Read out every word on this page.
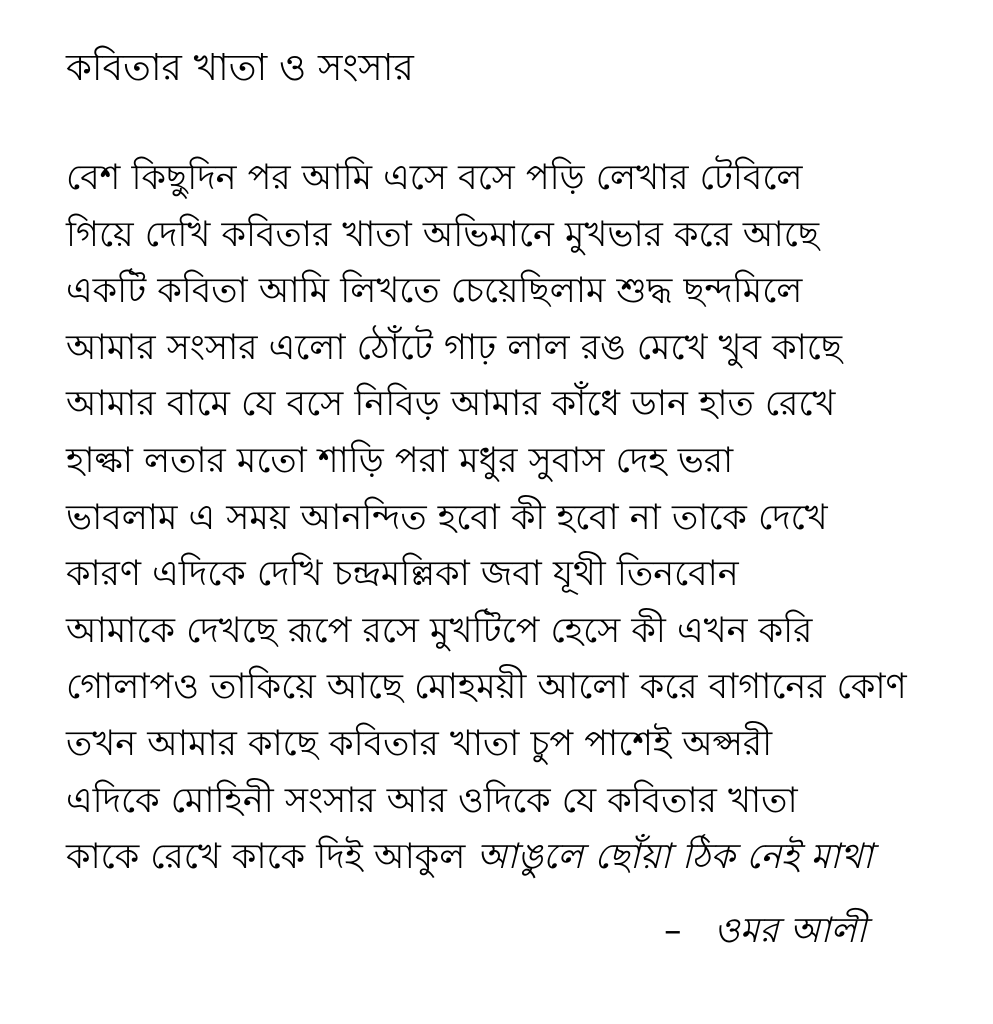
কবিতার খাতা ও সংসার
বেশ কিছুদিন পর আমি এসে বসে পড়ি লেখার টেবিলে
গিয়ে দেখি কবিতার খাতা অভিমানে মুখভার করে আছে
একটি কবিতা আমি লিখতে চেয়েছিলাম শুদ্ধ ছন্দমিলে
আমার সংসার এলো ঠোঁটে গাঢ় লাল রঙ মেখে খুব কাছে
আমার বামে যে বসে নিবিড় আমার কাঁধে ডান হাত রেখে
হাল্কা লতার মতো শাড়ি পরা মধুর সুবাস দেহ ভরা
ভাবলাম এ সময় আনন্দিত হবো কী হবো না তাকে দেখে
কারণ এদিকে দেখি চন্দ্রমল্লিকা জবা যূথী তিনবোন
আমাকে দেখছে রূপে রসে মুখটিপে হেসে কী এখন করি
গোলাপও তাকিয়ে আছে মোহময়ী আলো করে বাগানের কোণ
তখন আমার কাছে কবিতার খাতা চুপ পাশেই অপ্সরী
এদিকে মোহিনী সংসার আর ওদিকে যে কবিতার খাতা
কাকে রেখে কাকে দিই আকুল আঙুলে ছোঁয়া ঠিক নেই মাথা
– ওমর আলী
